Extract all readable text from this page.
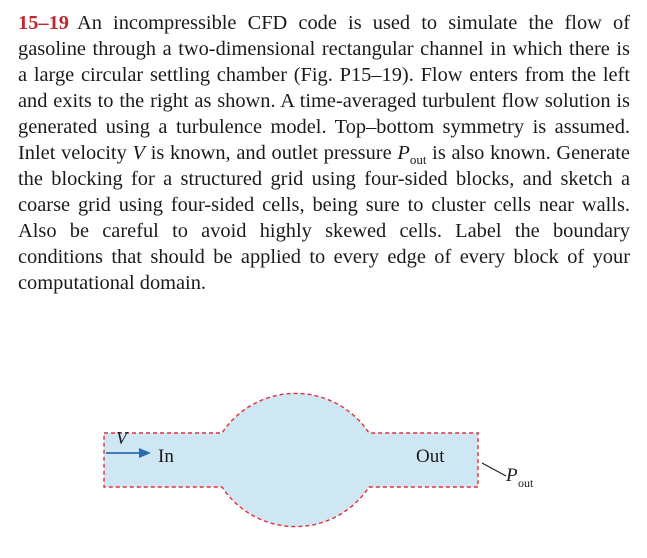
15–19 An incompressible CFD code is used to simulate the flow of gasoline through a two-dimensional rectangular channel in which there is a large circular settling chamber (Fig. P15–19). Flow enters from the left and exits to the right as shown. A time-averaged turbulent flow solution is generated using a turbulence model. Top–bottom symmetry is assumed. Inlet velocity V is known, and outlet pressure $P_{out}$ is also known. Generate the blocking for a structured grid using four-sided blocks, and sketch a coarse grid using four-sided cells, being sure to cluster cells near walls. Also be careful to avoid highly skewed cells. Label the boundary conditions that should be applied to every edge of every block of your computational domain.
V
In	Out
P out
